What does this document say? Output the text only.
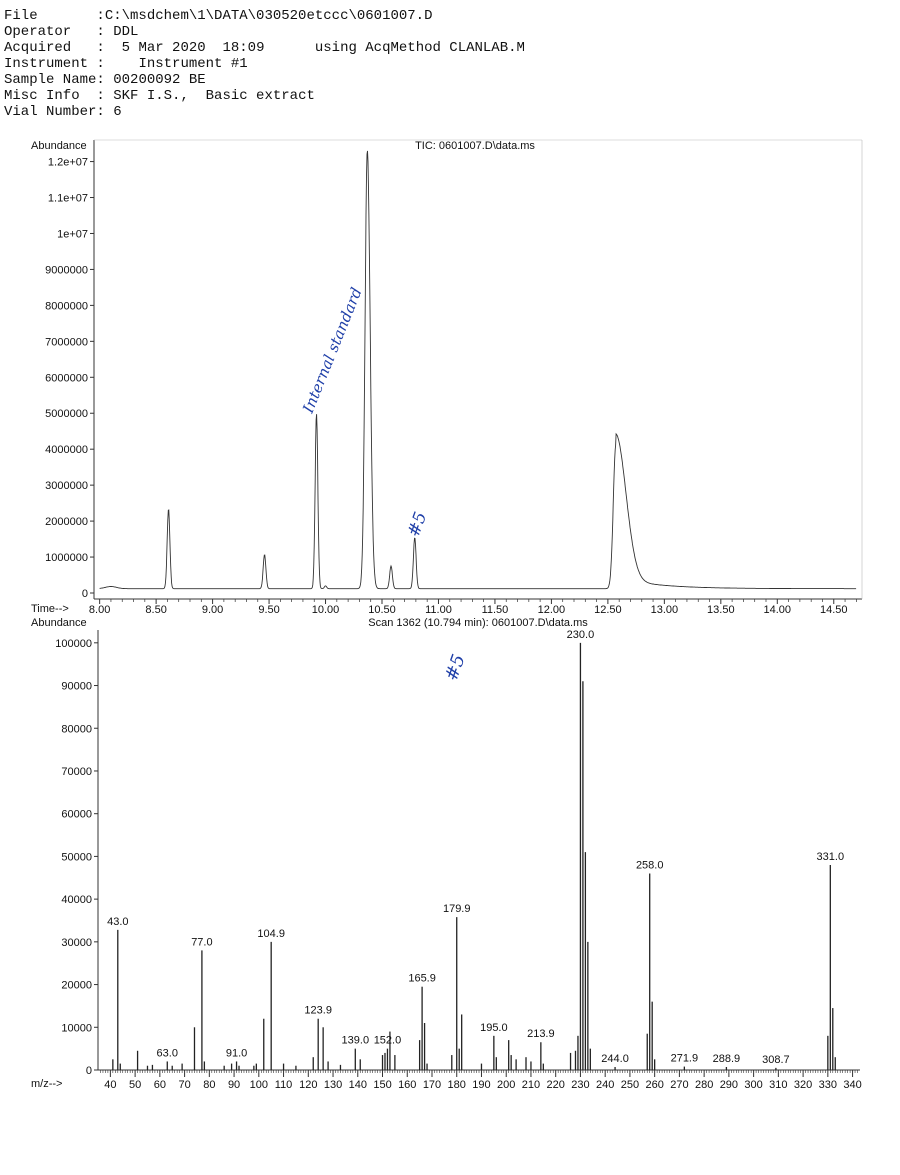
File       :C:\msdchem\1\DATA\030520etccc\0601007.D
Operator   : DDL
Acquired   :  5 Mar 2020  18:09      using AcqMethod CLANLAB.M
Instrument :    Instrument #1
Sample Name: 00200092 BE
Misc Info  : SKF I.S.,  Basic extract
Vial Number: 6
Abundance	TIC: 0601007.D\data.ms
Time-->
0
1000000
2000000
3000000
4000000
5000000
6000000
7000000
8000000
9000000
1e+07
1.1e+07
1.2e+07
8.00	8.50	9.00	9.50	10.00	10.50	11.00	11.50	12.00	12.50	13.00	13.50	14.00	14.50
Internal standard
#5
Abundance	Scan 1362 (10.794 min): 0601007.D\data.ms
m/z-->
0
10000
20000
30000
40000
50000
60000
70000
80000
90000
100000
40 50 60 70 80 90 100 110 120 130 140 150 160 170 180 190 200 210 220 230 240 250 260 270 280 290 300 310 320 330 340
43.0
63.0
77.0
91.0
104.9
123.9
139.0 152.0
165.9
179.9
195.0
213.9
230.0
244.0
258.0
271.9 288.9 308.7
331.0
#5
